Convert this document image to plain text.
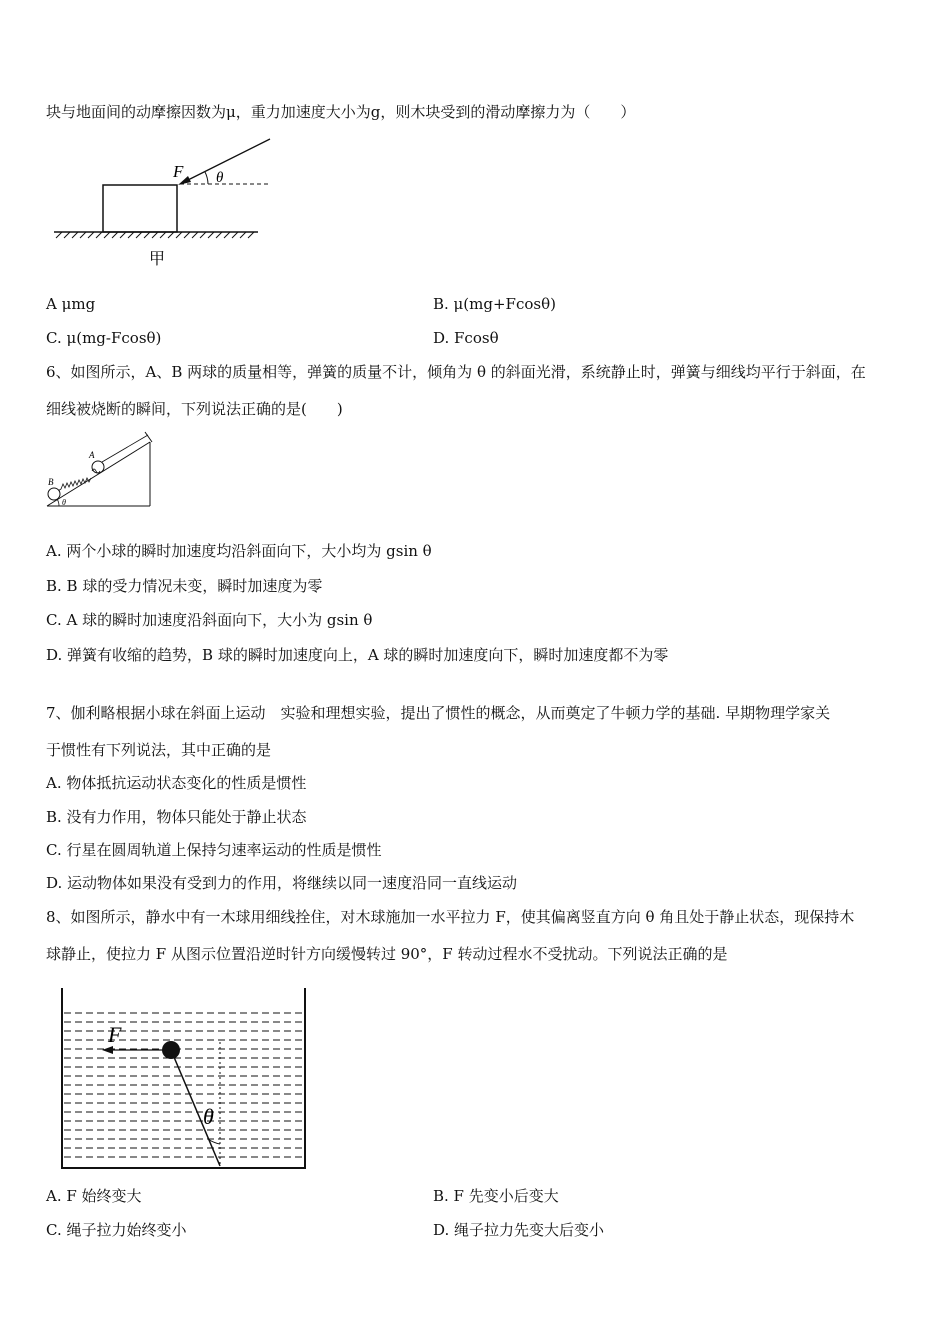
块与地面间的动摩擦因数为μ，重力加速度大小为g，则木块受到的滑动摩擦力为（　　）
F θ
甲
A μmg	B. μ(mg+Fcosθ)
C. μ(mg-Fcosθ)	D. Fcosθ
6、如图所示，A、B 两球的质量相等，弹簧的质量不计，倾角为 θ 的斜面光滑，系统静止时，弹簧与细线均平行于斜面，在
细线被烧断的瞬间，下列说法正确的是(　　)
A
B
θ
A. 两个小球的瞬时加速度均沿斜面向下，大小均为 gsin θ
B. B 球的受力情况未变，瞬时加速度为零
C. A 球的瞬时加速度沿斜面向下，大小为 gsin θ
D. 弹簧有收缩的趋势，B 球的瞬时加速度向上，A 球的瞬时加速度向下，瞬时加速度都不为零
7、伽利略根据小球在斜面上运动　实验和理想实验，提出了惯性的概念，从而奠定了牛顿力学的基础. 早期物理学家关
于惯性有下列说法，其中正确的是
A. 物体抵抗运动状态变化的性质是惯性
B. 没有力作用，物体只能处于静止状态
C. 行星在圆周轨道上保持匀速率运动的性质是惯性
D. 运动物体如果没有受到力的作用，将继续以同一速度沿同一直线运动
8、如图所示，静水中有一木球用细线拴住，对木球施加一水平拉力 F，使其偏离竖直方向 θ 角且处于静止状态，现保持木
球静止，使拉力 F 从图示位置沿逆时针方向缓慢转过 90°，F 转动过程水不受扰动。下列说法正确的是
F
θ
A. F 始终变大	B. F 先变小后变大
C. 绳子拉力始终变小	D. 绳子拉力先变大后变小
